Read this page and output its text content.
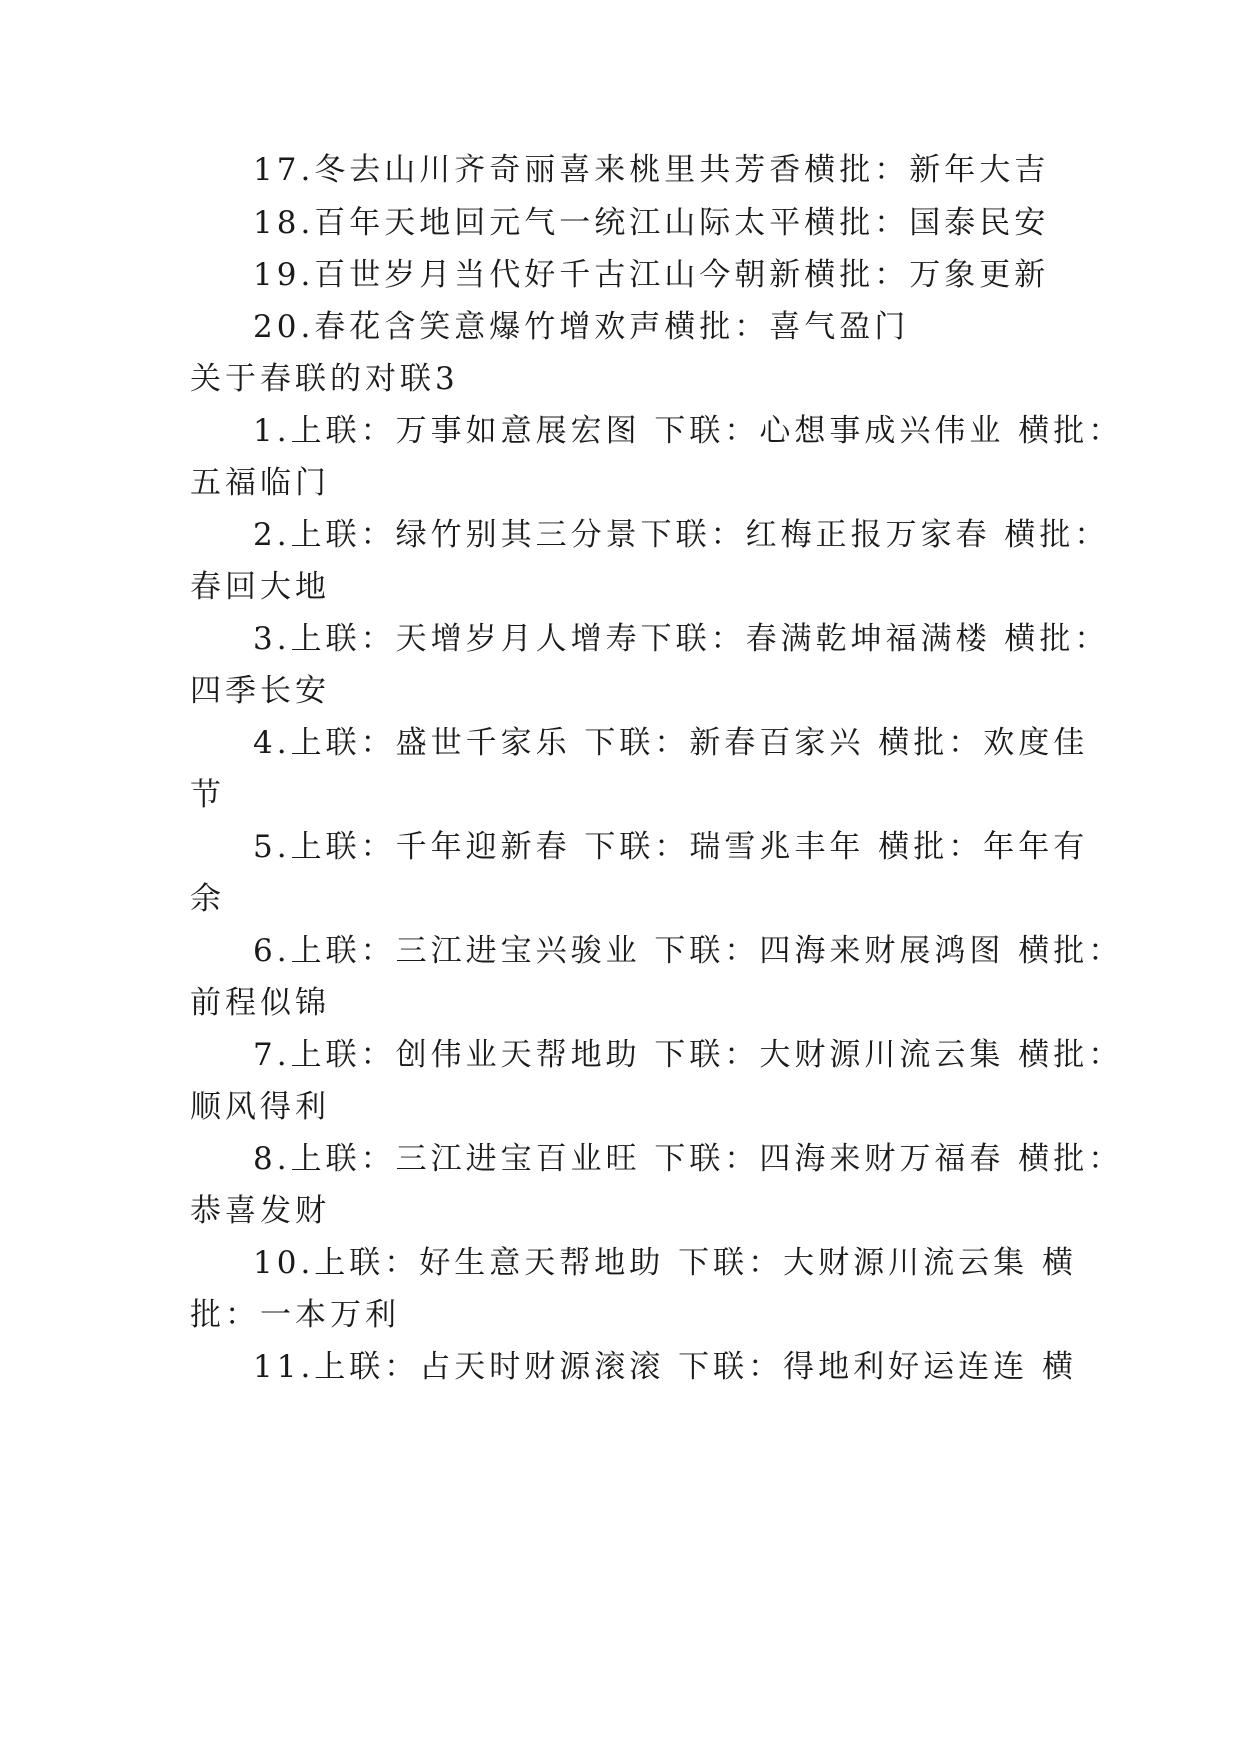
17.冬去山川齐奇丽喜来桃里共芳香横批：新年大吉
18.百年天地回元气一统江山际太平横批：国泰民安
19.百世岁月当代好千古江山今朝新横批：万象更新
20.春花含笑意爆竹增欢声横批：喜气盈门
关于春联的对联3
1.上联：万事如意展宏图 下联：心想事成兴伟业 横批：
五福临门
2.上联：绿竹别其三分景下联：红梅正报万家春 横批：
春回大地
3.上联：天增岁月人增寿下联：春满乾坤福满楼 横批：
四季长安
4.上联：盛世千家乐 下联：新春百家兴 横批：欢度佳
节
5.上联：千年迎新春 下联：瑞雪兆丰年 横批：年年有
余
6.上联：三江进宝兴骏业 下联：四海来财展鸿图 横批：
前程似锦
7.上联：创伟业天帮地助 下联：大财源川流云集 横批：
顺风得利
8.上联：三江进宝百业旺 下联：四海来财万福春 横批：
恭喜发财
10.上联：好生意天帮地助 下联：大财源川流云集 横
批：一本万利
11.上联：占天时财源滚滚 下联：得地利好运连连 横
